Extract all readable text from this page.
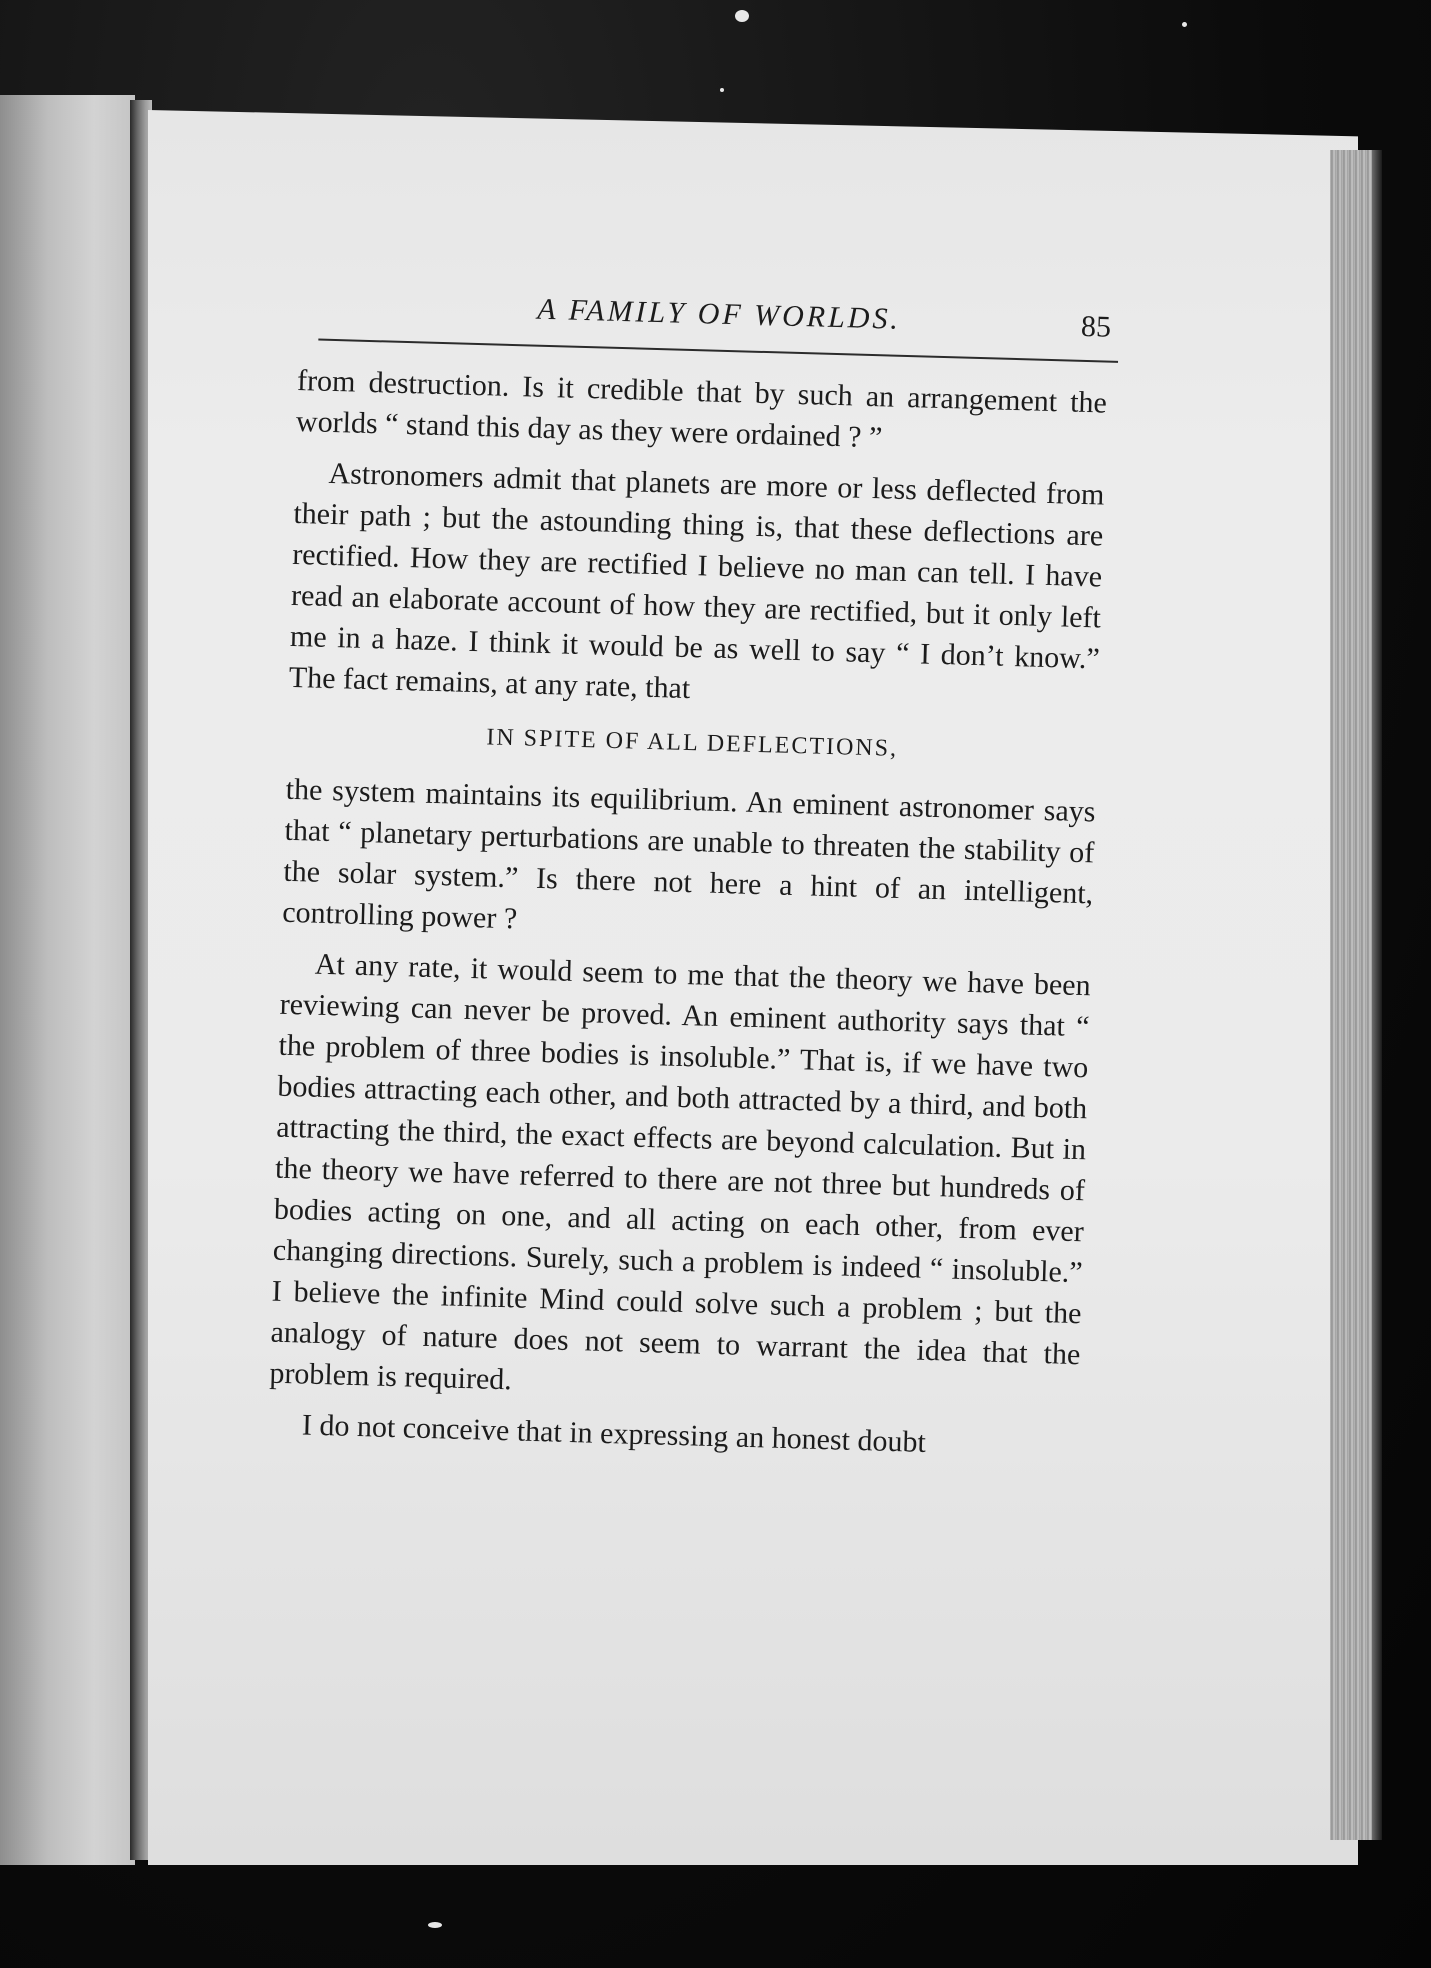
A FAMILY OF WORLDS.	85

from destruction. Is it credible that by such an arrangement the worlds “ stand this day as they were ordained ? ”

Astronomers admit that planets are more or less deflected from their path ; but the astounding thing is, that these deflections are rectified. How they are rectified I believe no man can tell. I have read an elaborate account of how they are rectified, but it only left me in a haze. I think it would be as well to say “ I don’t know.” The fact remains, at any rate, that

IN SPITE OF ALL DEFLECTIONS,

the system maintains its equilibrium. An eminent astronomer says that “ planetary perturbations are unable to threaten the stability of the solar system.” Is there not here a hint of an intelligent, controlling power ?

At any rate, it would seem to me that the theory we have been reviewing can never be proved. An eminent authority says that “ the problem of three bodies is insoluble.” That is, if we have two bodies attracting each other, and both attracted by a third, and both attracting the third, the exact effects are beyond calculation. But in the theory we have referred to there are not three but hundreds of bodies acting on one, and all acting on each other, from ever changing directions. Surely, such a problem is indeed “ insoluble.” I believe the infinite Mind could solve such a problem ; but the analogy of nature does not seem to warrant the idea that the problem is required.

I do not conceive that in expressing an honest doubt
